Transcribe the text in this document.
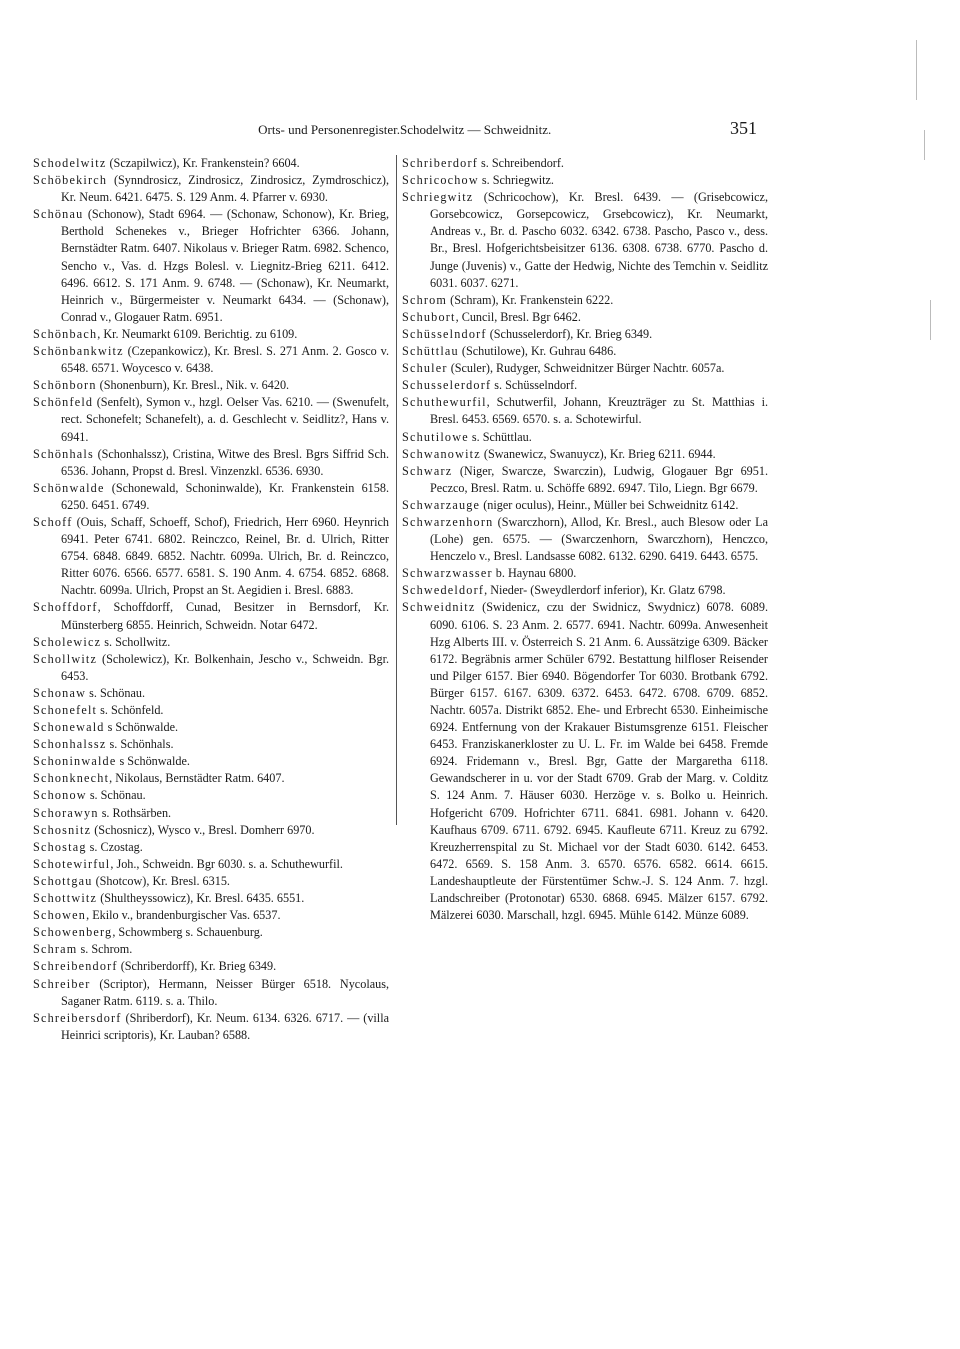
Orts- und Personenregister. Schodelwitz — Schweidnitz.	351
Schodelwitz (Sczapilwicz), Kr. Frankenstein? 6604.
Schöbekirch (Synndrosicz, Zindrosicz, Zindrosicz, Zymdroschicz), Kr. Neum. 6421. 6475. S. 129 Anm. 4. Pfarrer v. 6930.
Schönau (Schonow), Stadt 6964. — (Schonaw, Schonow), Kr. Brieg, Berthold Schenekes v., Brieger Hofrichter 6366. Johann, Bernstädter Ratm. 6407. Nikolaus v. Brieger Ratm. 6982. Schenco, Sencho v., Vas. d. Hzgs Bolesl. v. Liegnitz-Brieg 6211. 6412. 6496. 6612. S. 171 Anm. 9. 6748. — (Schonaw), Kr. Neumarkt, Heinrich v., Bürgermeister v. Neumarkt 6434. — (Schonaw), Conrad v., Glogauer Ratm. 6951.
Schönbach, Kr. Neumarkt 6109. Berichtig. zu 6109.
Schönbankwitz (Czepankowicz), Kr. Bresl. S. 271 Anm. 2. Gosco v. 6548. 6571. Woycesco v. 6438.
Schönborn (Shonenburn), Kr. Bresl., Nik. v. 6420.
Schönfeld (Senfelt), Symon v., hzgl. Oelser Vas. 6210. — (Swenufelt, rect. Schonefelt; Schanefelt), a. d. Geschlecht v. Seidlitz?, Hans v. 6941.
Schönhals (Schonhalssz), Cristina, Witwe des Bresl. Bgrs Siffrid Sch. 6536. Johann, Propst d. Bresl. Vinzenzkl. 6536. 6930.
Schönwalde (Schonewald, Schoninwalde), Kr. Frankenstein 6158. 6250. 6451. 6749.
Schoff (Ouis, Schaff, Schoeff, Schof), Friedrich, Herr 6960. Heynrich 6941. Peter 6741. 6802. Reinczco, Reinel, Br. d. Ulrich, Ritter 6754. 6848. 6849. 6852. Nachtr. 6099a. Ulrich, Br. d. Reinczco, Ritter 6076. 6566. 6577. 6581. S. 190 Anm. 4. 6754. 6852. 6868. Nachtr. 6099a. Ulrich, Propst an St. Aegidien i. Bresl. 6883.
Schoffdorf, Schoffdorff, Cunad, Besitzer in Bernsdorf, Kr. Münsterberg 6855. Heinrich, Schweidn. Notar 6472.
Scholewicz s. Schollwitz.
Schollwitz (Scholewicz), Kr. Bolkenhain, Jescho v., Schweidn. Bgr. 6453.
Schonaw s. Schönau.
Schonefelt s. Schönfeld.
Schonewald s Schönwalde.
Schonhalssz s. Schönhals.
Schoninwalde s Schönwalde.
Schonknecht, Nikolaus, Bernstädter Ratm. 6407.
Schonow s. Schönau.
Schorawyn s. Rothsärben.
Schosnitz (Schosnicz), Wysco v., Bresl. Domherr 6970.
Schostag s. Czostag.
Schotewirful, Joh., Schweidn. Bgr 6030. s. a. Schuthewurfil.
Schottgau (Shotcow), Kr. Bresl. 6315.
Schottwitz (Shultheyssowicz), Kr. Bresl. 6435. 6551.
Schowen, Ekilo v., brandenburgischer Vas. 6537.
Schowenberg, Schowmberg s. Schauenburg.
Schram s. Schrom.
Schreibendorf (Schriberdorff), Kr. Brieg 6349.
Schreiber (Scriptor), Hermann, Neisser Bürger 6518. Nycolaus, Saganer Ratm. 6119. s. a. Thilo.
Schreibersdorf (Shriberdorf), Kr. Neum. 6134. 6326. 6717. — (villa Heinrici scriptoris), Kr. Lauban? 6588.
Schriberdorf s. Schreibendorf.
Schricochow s. Schriegwitz.
Schriegwitz (Schricochow), Kr. Bresl. 6439. — (Grisebcowicz, Gorsebcowicz, Gorsepcowicz, Grsebcowicz), Kr. Neumarkt, Andreas v., Br. d. Pascho 6032. 6342. 6738. Pascho, Pasco v., dess. Br., Bresl. Hofgerichtsbeisitzer 6136. 6308. 6738. 6770. Pascho d. Junge (Juvenis) v., Gatte der Hedwig, Nichte des Temchin v. Seidlitz 6031. 6037. 6271.
Schrom (Schram), Kr. Frankenstein 6222.
Schubort, Cuncil, Bresl. Bgr 6462.
Schüsselndorf (Schusselerdorf), Kr. Brieg 6349.
Schüttlau (Schutilowe), Kr. Guhrau 6486.
Schuler (Sculer), Rudyger, Schweidnitzer Bürger Nachtr. 6057a.
Schusselerdorf s. Schüsselndorf.
Schuthewurfil, Schutwerfil, Johann, Kreuzträger zu St. Matthias i. Bresl. 6453. 6569. 6570. s. a. Schotewirful.
Schutilowe s. Schüttlau.
Schwanowitz (Swanewicz, Swanuycz), Kr. Brieg 6211. 6944.
Schwarz (Niger, Swarcze, Swarczin), Ludwig, Glogauer Bgr 6951. Peczco, Bresl. Ratm. u. Schöffe 6892. 6947. Tilo, Liegn. Bgr 6679.
Schwarzauge (niger oculus), Heinr., Müller bei Schweidnitz 6142.
Schwarzenhorn (Swarczhorn), Allod, Kr. Bresl., auch Blesow oder La (Lohe) gen. 6575. — (Swarczenhorn, Swarczhorn), Henczco, Henczelo v., Bresl. Landsasse 6082. 6132. 6290. 6419. 6443. 6575.
Schwarzwasser b. Haynau 6800.
Schwedeldorf, Nieder- (Sweydlerdorf inferior), Kr. Glatz 6798.
Schweidnitz (Swidenicz, czu der Swidnicz, Swydnicz) 6078. 6089. 6090. 6106. S. 23 Anm. 2. 6577. 6941. Nachtr. 6099a. Anwesenheit Hzg Alberts III. v. Österreich S. 21 Anm. 6. Aussätzige 6309. Bäcker 6172. Begräbnis armer Schüler 6792. Bestattung hilfloser Reisender und Pilger 6157. Bier 6940. Bögendorfer Tor 6030. Brotbank 6792. Bürger 6157. 6167. 6309. 6372. 6453. 6472. 6708. 6709. 6852. Nachtr. 6057a. Distrikt 6852. Ehe- und Erbrecht 6530. Einheimische 6924. Entfernung von der Krakauer Bistumsgrenze 6151. Fleischer 6453. Franziskanerkloster zu U. L. Fr. im Walde bei 6458. Fremde 6924. Fridemann v., Bresl. Bgr, Gatte der Margaretha 6118. Gewandscherer in u. vor der Stadt 6709. Grab der Marg. v. Colditz S. 124 Anm. 7. Häuser 6030. Herzöge v. s. Bolko u. Heinrich. Hofgericht 6709. Hofrichter 6711. 6841. 6981. Johann v. 6420. Kaufhaus 6709. 6711. 6792. 6945. Kaufleute 6711. Kreuz zu 6792. Kreuzherrenspital zu St. Michael vor der Stadt 6030. 6142. 6453. 6472. 6569. S. 158 Anm. 3. 6570. 6576. 6582. 6614. 6615. Landeshauptleute der Fürstentümer Schw.-J. S. 124 Anm. 7. hzgl. Landschreiber (Protonotar) 6530. 6868. 6945. Mälzer 6157. 6792. Mälzerei 6030. Marschall, hzgl. 6945. Mühle 6142. Münze 6089.
